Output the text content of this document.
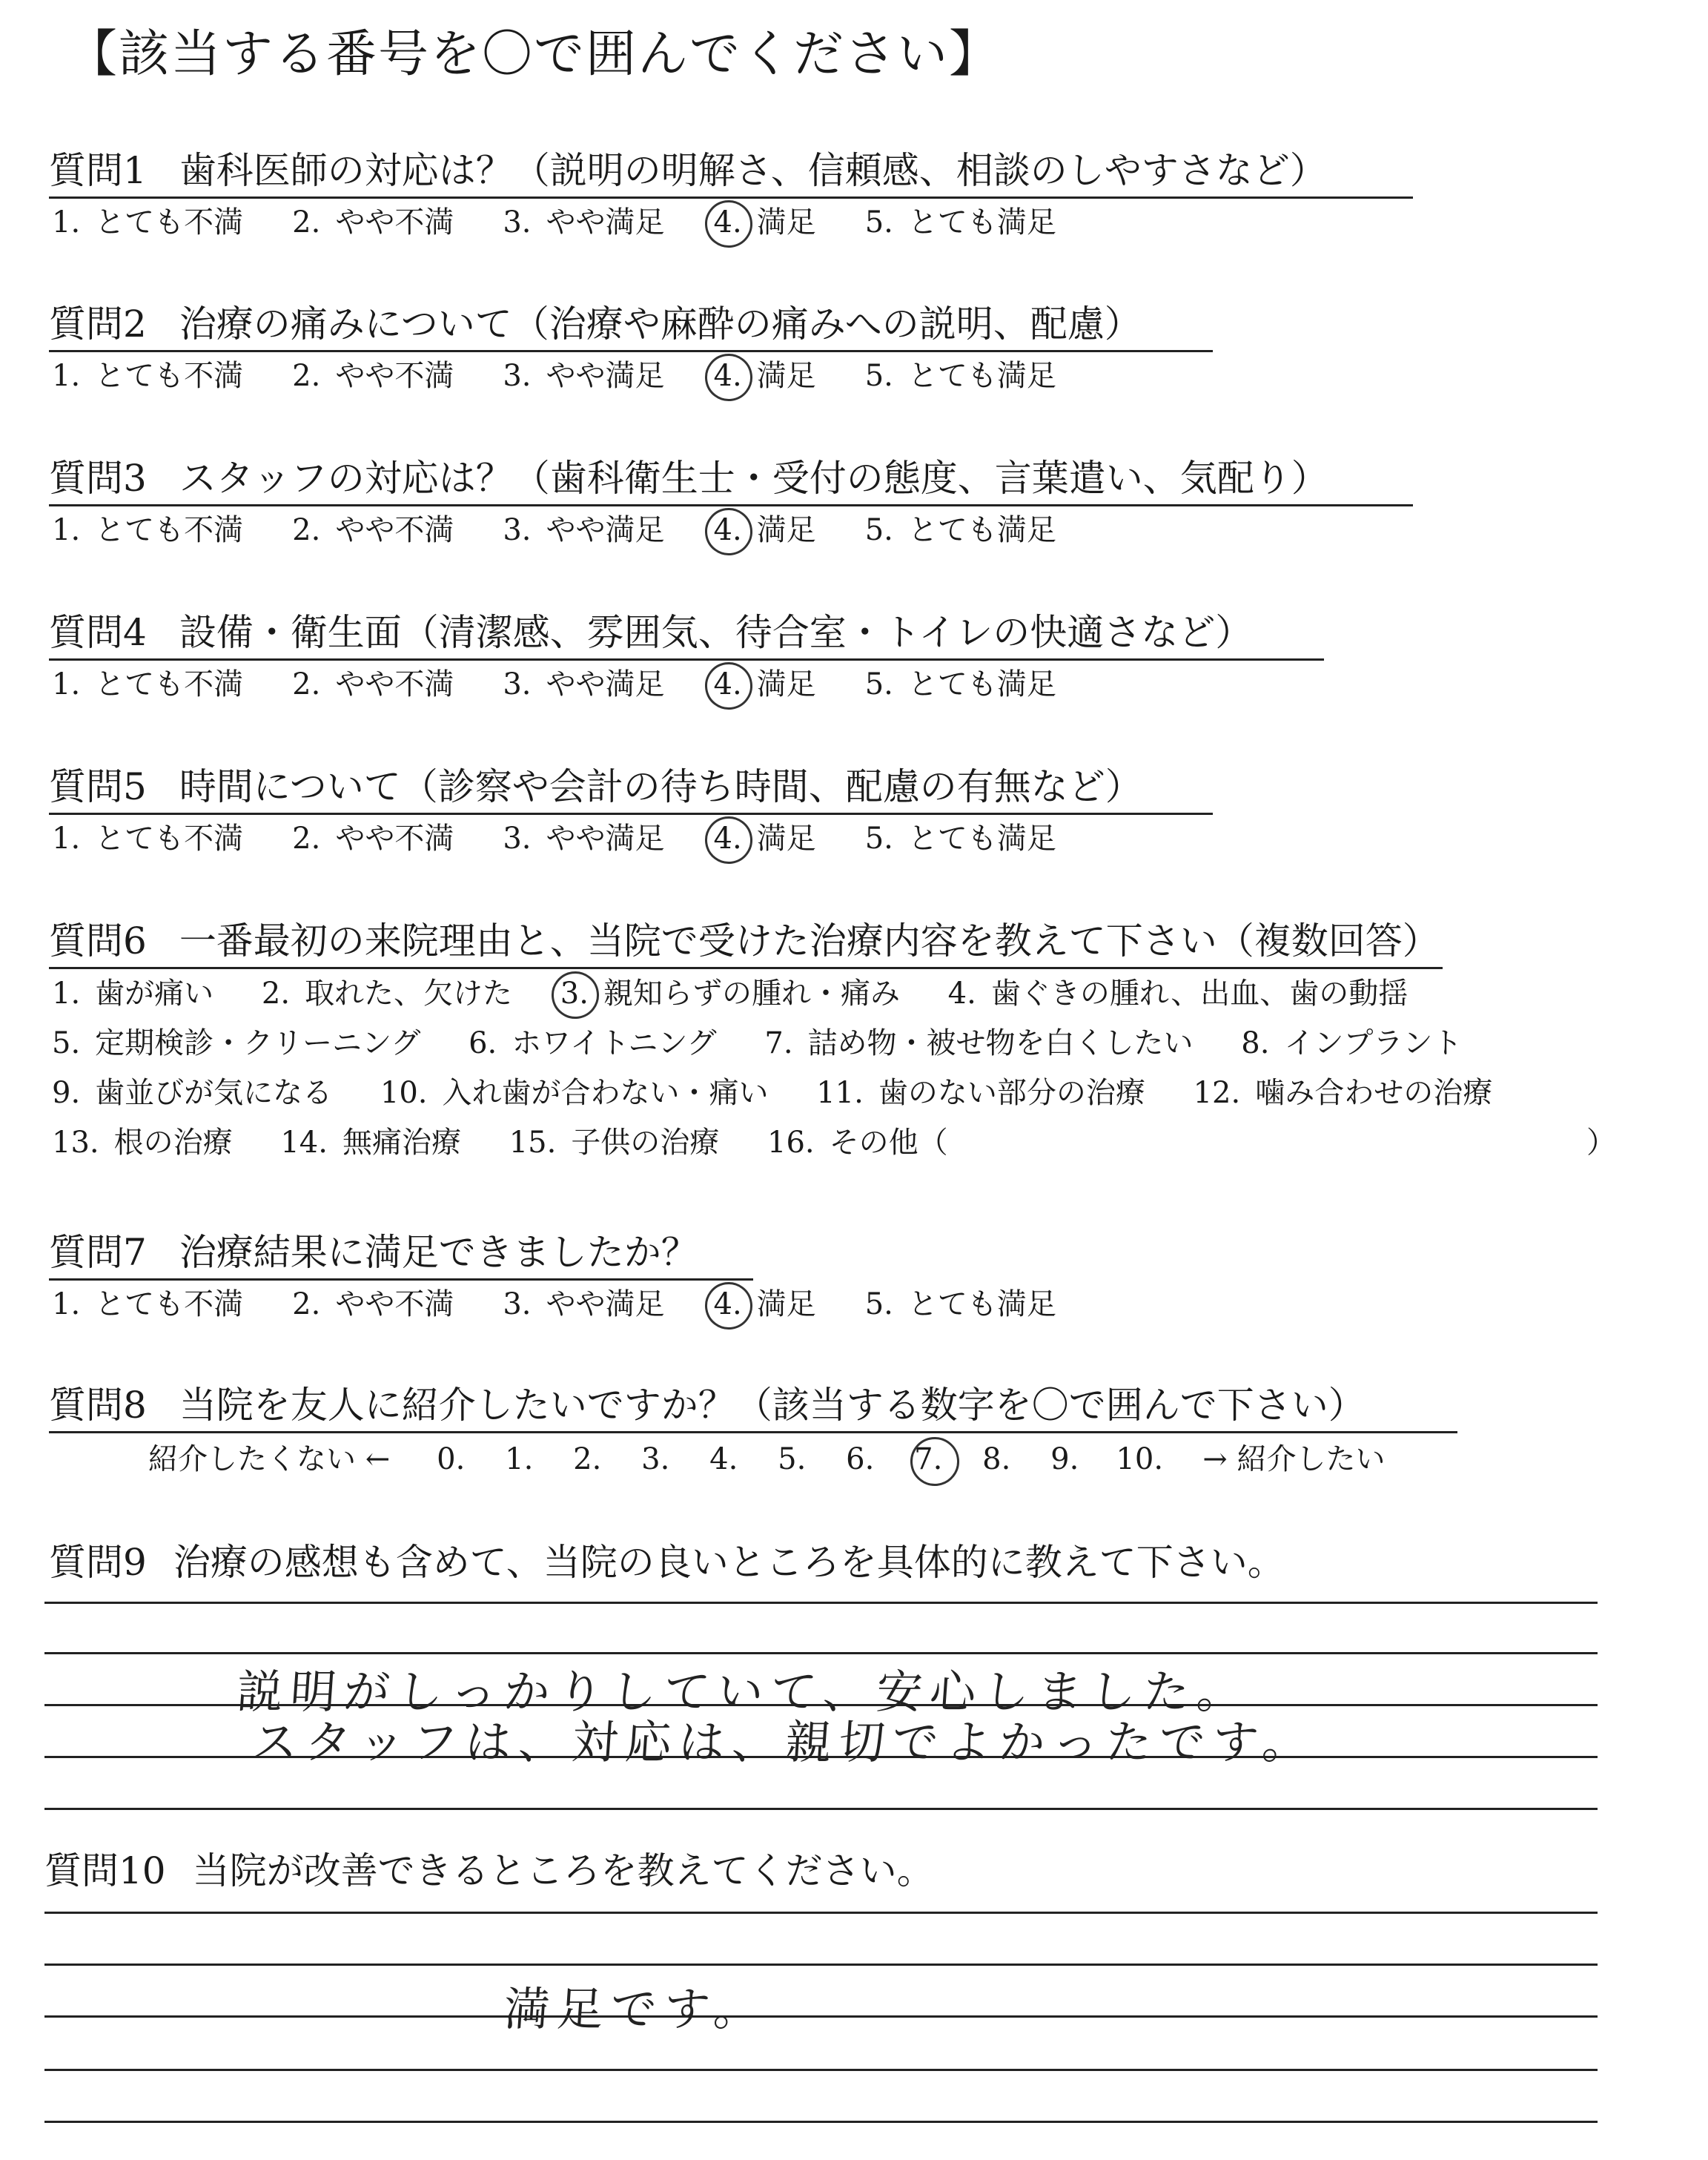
【該当する番号を〇で囲んでください】
質問1 歯科医師の対応は？（説明の明解さ、信頼感、相談のしやすさなど）
1. とても不満 2. やや不満 3. やや満足 4. 満足 5. とても満足
質問2 治療の痛みについて（治療や麻酔の痛みへの説明、配慮）
1. とても不満 2. やや不満 3. やや満足 4. 満足 5. とても満足
質問3 スタッフの対応は？（歯科衛生士・受付の態度、言葉遣い、気配り）
1. とても不満 2. やや不満 3. やや満足 4. 満足 5. とても満足
質問4 設備・衛生面（清潔感、雰囲気、待合室・トイレの快適さなど）
1. とても不満 2. やや不満 3. やや満足 4. 満足 5. とても満足
質問5 時間について（診察や会計の待ち時間、配慮の有無など）
1. とても不満 2. やや不満 3. やや満足 4. 満足 5. とても満足
質問6 一番最初の来院理由と、当院で受けた治療内容を教えて下さい（複数回答）
1. 歯が痛い 2. 取れた、欠けた 3. 親知らずの腫れ・痛み 4. 歯ぐきの腫れ、出血、歯の動揺
5. 定期検診・クリーニング 6. ホワイトニング 7. 詰め物・被せ物を白くしたい 8. インプラント
9. 歯並びが気になる 10. 入れ歯が合わない・痛い 11. 歯のない部分の治療 12. 噛み合わせの治療
13. 根の治療 14. 無痛治療 15. 子供の治療 16. その他（	）
質問7 治療結果に満足できましたか？
1. とても不満 2. やや不満 3. やや満足 4. 満足 5. とても満足
質問8 当院を友人に紹介したいですか？（該当する数字を〇で囲んで下さい）
紹介したくない ←	0.	1.	2.	3.	4.	5.	6.	7.	8.	9.	10.	→ 紹介したい
質問9 治療の感想も含めて、当院の良いところを具体的に教えて下さい。
説明がしっかりしていて、安心しました。
スタッフは、対応は、親切でよかったです。
質問10 当院が改善できるところを教えてください。
満足です。
